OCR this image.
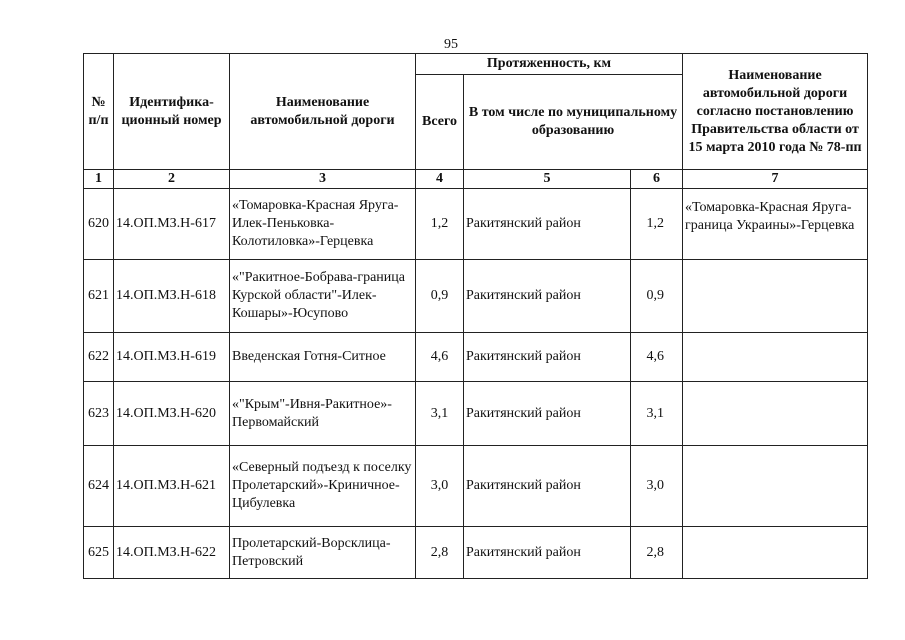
95
№ п/п	Идентифика-ционный номер	Наименование автомобильной дороги	Протяженность, км			Наименование автомобильной дороги согласно постановлению Правительства области от 15 марта 2010 года № 78-пп
			Всего	В том числе по муниципальному образованию		
1	2	3	4	5	6	7
620	14.ОП.МЗ.Н-617	«Томаровка-Красная Яруга-Илек-Пеньковка-Колотиловка»-Герцевка	1,2	Ракитянский район	1,2	«Томаровка-Красная Яруга-граница Украины»-Герцевка
621	14.ОП.МЗ.Н-618	«"Ракитное-Бобрава-граница Курской области"-Илек-Кошары»-Юсупово	0,9	Ракитянский район	0,9	
622	14.ОП.МЗ.Н-619	Введенская Готня-Ситное	4,6	Ракитянский район	4,6	
623	14.ОП.МЗ.Н-620	«"Крым"-Ивня-Ракитное»-Первомайский	3,1	Ракитянский район	3,1	
624	14.ОП.МЗ.Н-621	«Северный подъезд к поселку Пролетарский»-Криничное-Цибулевка	3,0	Ракитянский район	3,0	
625	14.ОП.МЗ.Н-622	Пролетарский-Ворсклица-Петровский	2,8	Ракитянский район	2,8	
